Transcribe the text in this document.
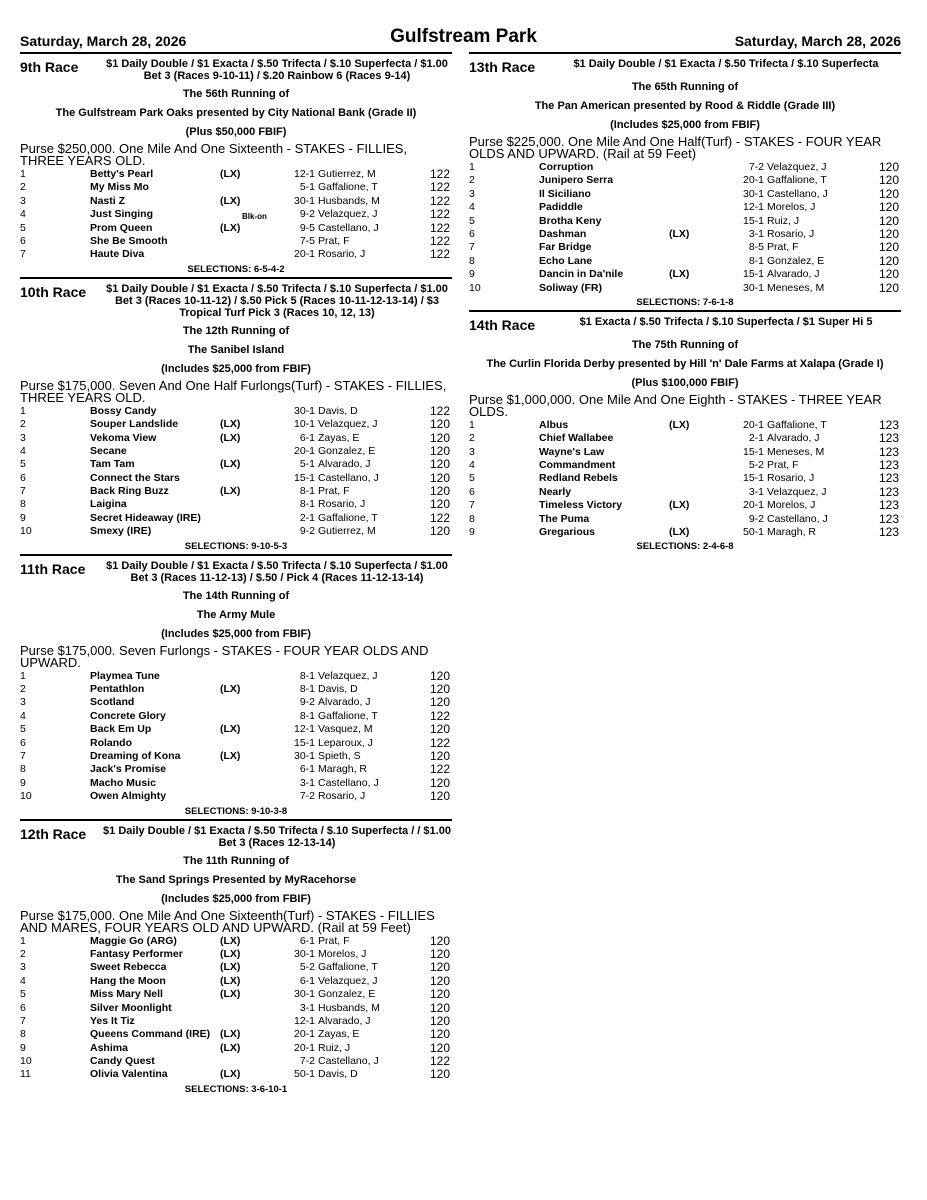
Saturday, March 28, 2026	Gulfstream Park	Saturday, March 28, 2026
9th Race	$1 Daily Double / $1 Exacta / $.50 Trifecta / $.10 Superfecta / $1.00 Bet 3 (Races 9-10-11) / $.20 Rainbow 6 (Races 9-14)
The 56th Running of
The Gulfstream Park Oaks presented by City National Bank (Grade II)
(Plus $50,000 FBIF)
Purse $250,000. One Mile And One Sixteenth - STAKES - FILLIES, THREE YEARS OLD.
1	Betty's Pearl	(LX)	12-1 Gutierrez, M	122
2	My Miss Mo	5-1 Gaffalione, T	122
3	Nasti Z	(LX)	30-1 Husbands, M	122
4	Just Singing	Blk-on	9-2 Velazquez, J	122
5	Prom Queen	(LX)	9-5 Castellano, J	122
6	She Be Smooth	7-5 Prat, F	122
7	Haute Diva	20-1 Rosario, J	122
SELECTIONS: 6-5-4-2
10th Race	$1 Daily Double / $1 Exacta / $.50 Trifecta / $.10 Superfecta / $1.00 Bet 3 (Races 10-11-12) / $.50 Pick 5 (Races 10-11-12-13-14) / $3 Tropical Turf Pick 3 (Races 10, 12, 13)
The 12th Running of
The Sanibel Island
(Includes $25,000 from FBIF)
Purse $175,000. Seven And One Half Furlongs(Turf) - STAKES - FILLIES, THREE YEARS OLD.
1	Bossy Candy	30-1 Davis, D	122
2	Souper Landslide	(LX)	10-1 Velazquez, J	120
3	Vekoma View	(LX)	6-1 Zayas, E	120
4	Secane	20-1 Gonzalez, E	120
5	Tam Tam	(LX)	5-1 Alvarado, J	120
6	Connect the Stars	15-1 Castellano, J	120
7	Back Ring Buzz	(LX)	8-1 Prat, F	120
8	Laigina	8-1 Rosario, J	120
9	Secret Hideaway (IRE)	2-1 Gaffalione, T	122
10	Smexy (IRE)	9-2 Gutierrez, M	120
SELECTIONS: 9-10-5-3
11th Race	$1 Daily Double / $1 Exacta / $.50 Trifecta / $.10 Superfecta / $1.00 Bet 3 (Races 11-12-13) / $.50 / Pick 4 (Races 11-12-13-14)
The 14th Running of
The Army Mule
(Includes $25,000 from FBIF)
Purse $175,000. Seven Furlongs - STAKES - FOUR YEAR OLDS AND UPWARD.
1	Playmea Tune	8-1 Velazquez, J	120
2	Pentathlon	(LX)	8-1 Davis, D	120
3	Scotland	9-2 Alvarado, J	120
4	Concrete Glory	8-1 Gaffalione, T	122
5	Back Em Up	(LX)	12-1 Vasquez, M	120
6	Rolando	15-1 Leparoux, J	122
7	Dreaming of Kona	(LX)	30-1 Spieth, S	120
8	Jack's Promise	6-1 Maragh, R	122
9	Macho Music	3-1 Castellano, J	120
10	Owen Almighty	7-2 Rosario, J	120
SELECTIONS: 9-10-3-8
12th Race	$1 Daily Double / $1 Exacta / $.50 Trifecta / $.10 Superfecta / / $1.00 Bet 3 (Races 12-13-14)
The 11th Running of
The Sand Springs Presented by MyRacehorse
(Includes $25,000 from FBIF)
Purse $175,000. One Mile And One Sixteenth(Turf) - STAKES - FILLIES AND MARES, FOUR YEARS OLD AND UPWARD. (Rail at 59 Feet)
1	Maggie Go (ARG)	(LX)	6-1 Prat, F	120
2	Fantasy Performer	(LX)	30-1 Morelos, J	120
3	Sweet Rebecca	(LX)	5-2 Gaffalione, T	120
4	Hang the Moon	(LX)	6-1 Velazquez, J	120
5	Miss Mary Nell	(LX)	30-1 Gonzalez, E	120
6	Silver Moonlight	3-1 Husbands, M	120
7	Yes It Tiz	12-1 Alvarado, J	120
8	Queens Command (IRE) (LX)	20-1 Zayas, E	120
9	Ashima	(LX)	20-1 Ruiz, J	120
10	Candy Quest	7-2 Castellano, J	122
11	Olivia Valentina	(LX)	50-1 Davis, D	120
SELECTIONS: 3-6-10-1
13th Race	$1 Daily Double / $1 Exacta / $.50 Trifecta / $.10 Superfecta
The 65th Running of
The Pan American presented by Rood & Riddle (Grade III)
(Includes $25,000 from FBIF)
Purse $225,000. One Mile And One Half(Turf) - STAKES - FOUR YEAR OLDS AND UPWARD. (Rail at 59 Feet)
1	Corruption	7-2 Velazquez, J	120
2	Junipero Serra	20-1 Gaffalione, T	120
3	Il Siciliano	30-1 Castellano, J	120
4	Padiddle	12-1 Morelos, J	120
5	Brotha Keny	15-1 Ruiz, J	120
6	Dashman	(LX)	3-1 Rosario, J	120
7	Far Bridge	8-5 Prat, F	120
8	Echo Lane	8-1 Gonzalez, E	120
9	Dancin in Da'nile	(LX)	15-1 Alvarado, J	120
10	Soliway (FR)	30-1 Meneses, M	120
SELECTIONS: 7-6-1-8
14th Race	$1 Exacta / $.50 Trifecta / $.10 Superfecta / $1 Super Hi 5
The 75th Running of
The Curlin Florida Derby presented by Hill 'n' Dale Farms at Xalapa (Grade I)
(Plus $100,000 FBIF)
Purse $1,000,000. One Mile And One Eighth - STAKES - THREE YEAR OLDS.
1	Albus	(LX)	20-1 Gaffalione, T	123
2	Chief Wallabee	2-1 Alvarado, J	123
3	Wayne's Law	15-1 Meneses, M	123
4	Commandment	5-2 Prat, F	123
5	Redland Rebels	15-1 Rosario, J	123
6	Nearly	3-1 Velazquez, J	123
7	Timeless Victory	(LX)	20-1 Morelos, J	123
8	The Puma	9-2 Castellano, J	123
9	Gregarious	(LX)	50-1 Maragh, R	123
SELECTIONS: 2-4-6-8
